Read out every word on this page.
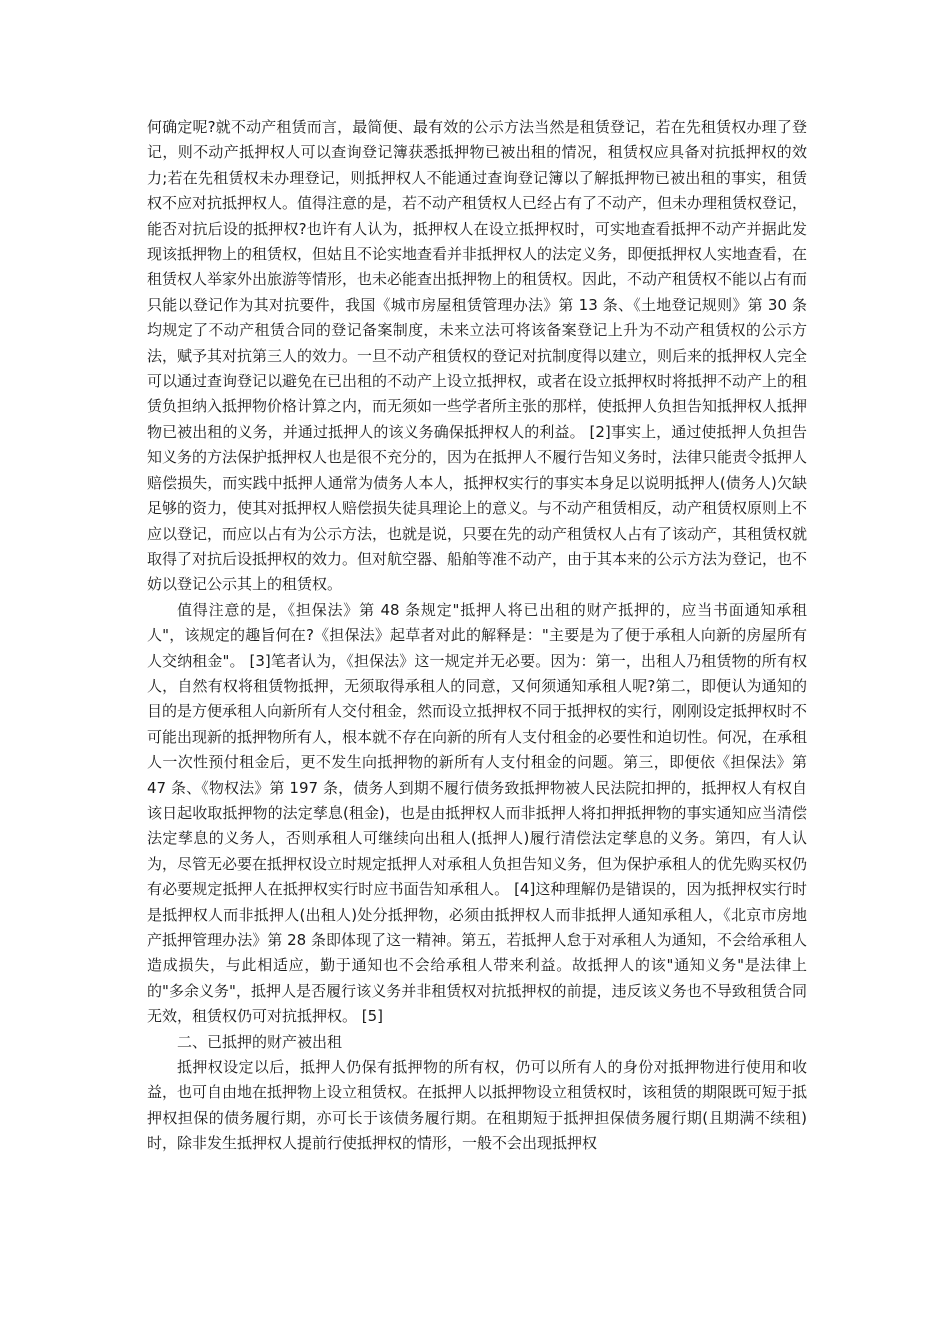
何确定呢?就不动产租赁而言，最简便、最有效的公示方法当然是租赁登记，若在先租赁权办理了登记，则不动产抵押权人可以查询登记簿获悉抵押物已被出租的情况，租赁权应具备对抗抵押权的效力;若在先租赁权未办理登记，则抵押权人不能通过查询登记簿以了解抵押物已被出租的事实，租赁权不应对抗抵押权人。值得注意的是，若不动产租赁权人已经占有了不动产，但未办理租赁权登记，能否对抗后设的抵押权?也许有人认为，抵押权人在设立抵押权时，可实地查看抵押不动产并据此发现该抵押物上的租赁权，但姑且不论实地查看并非抵押权人的法定义务，即便抵押权人实地查看，在租赁权人举家外出旅游等情形，也未必能查出抵押物上的租赁权。因此，不动产租赁权不能以占有而只能以登记作为其对抗要件，我国《城市房屋租赁管理办法》第 13 条、《土地登记规则》第 30 条均规定了不动产租赁合同的登记备案制度，未来立法可将该备案登记上升为不动产租赁权的公示方法，赋予其对抗第三人的效力。一旦不动产租赁权的登记对抗制度得以建立，则后来的抵押权人完全可以通过查询登记以避免在已出租的不动产上设立抵押权，或者在设立抵押权时将抵押不动产上的租赁负担纳入抵押物价格计算之内，而无须如一些学者所主张的那样，使抵押人负担告知抵押权人抵押物已被出租的义务，并通过抵押人的该义务确保抵押权人的利益。 [2]事实上，通过使抵押人负担告知义务的方法保护抵押权人也是很不充分的，因为在抵押人不履行告知义务时，法律只能责令抵押人赔偿损失，而实践中抵押人通常为债务人本人，抵押权实行的事实本身足以说明抵押人(债务人)欠缺足够的资力，使其对抵押权人赔偿损失徒具理论上的意义。与不动产租赁相反，动产租赁权原则上不应以登记，而应以占有为公示方法，也就是说，只要在先的动产租赁权人占有了该动产，其租赁权就取得了对抗后设抵押权的效力。但对航空器、船舶等准不动产，由于其本来的公示方法为登记，也不妨以登记公示其上的租赁权。

值得注意的是，《担保法》第 48 条规定"抵押人将已出租的财产抵押的，应当书面通知承租人"，该规定的趣旨何在?《担保法》起草者对此的解释是："主要是为了便于承租人向新的房屋所有人交纳租金"。 [3]笔者认为，《担保法》这一规定并无必要。因为：第一，出租人乃租赁物的所有权人，自然有权将租赁物抵押，无须取得承租人的同意，又何须通知承租人呢?第二，即便认为通知的目的是方便承租人向新所有人交付租金，然而设立抵押权不同于抵押权的实行，刚刚设定抵押权时不可能出现新的抵押物所有人，根本就不存在向新的所有人支付租金的必要性和迫切性。何况，在承租人一次性预付租金后，更不发生向抵押物的新所有人支付租金的问题。第三，即便依《担保法》第 47 条、《物权法》第 197 条，债务人到期不履行债务致抵押物被人民法院扣押的，抵押权人有权自该日起收取抵押物的法定孳息(租金)，也是由抵押权人而非抵押人将扣押抵押物的事实通知应当清偿法定孳息的义务人，否则承租人可继续向出租人(抵押人)履行清偿法定孳息的义务。第四，有人认为，尽管无必要在抵押权设立时规定抵押人对承租人负担告知义务，但为保护承租人的优先购买权仍有必要规定抵押人在抵押权实行时应书面告知承租人。 [4]这种理解仍是错误的，因为抵押权实行时是抵押权人而非抵押人(出租人)处分抵押物，必须由抵押权人而非抵押人通知承租人，《北京市房地产抵押管理办法》第 28 条即体现了这一精神。第五，若抵押人怠于对承租人为通知，不会给承租人造成损失，与此相适应，勤于通知也不会给承租人带来利益。故抵押人的该"通知义务"是法律上的"多余义务"，抵押人是否履行该义务并非租赁权对抗抵押权的前提，违反该义务也不导致租赁合同无效，租赁权仍可对抗抵押权。 [5]

二、已抵押的财产被出租

抵押权设定以后，抵押人仍保有抵押物的所有权，仍可以所有人的身份对抵押物进行使用和收益，也可自由地在抵押物上设立租赁权。在抵押人以抵押物设立租赁权时，该租赁的期限既可短于抵押权担保的债务履行期，亦可长于该债务履行期。在租期短于抵押担保债务履行期(且期满不续租)时，除非发生抵押权人提前行使抵押权的情形，一般不会出现抵押权
